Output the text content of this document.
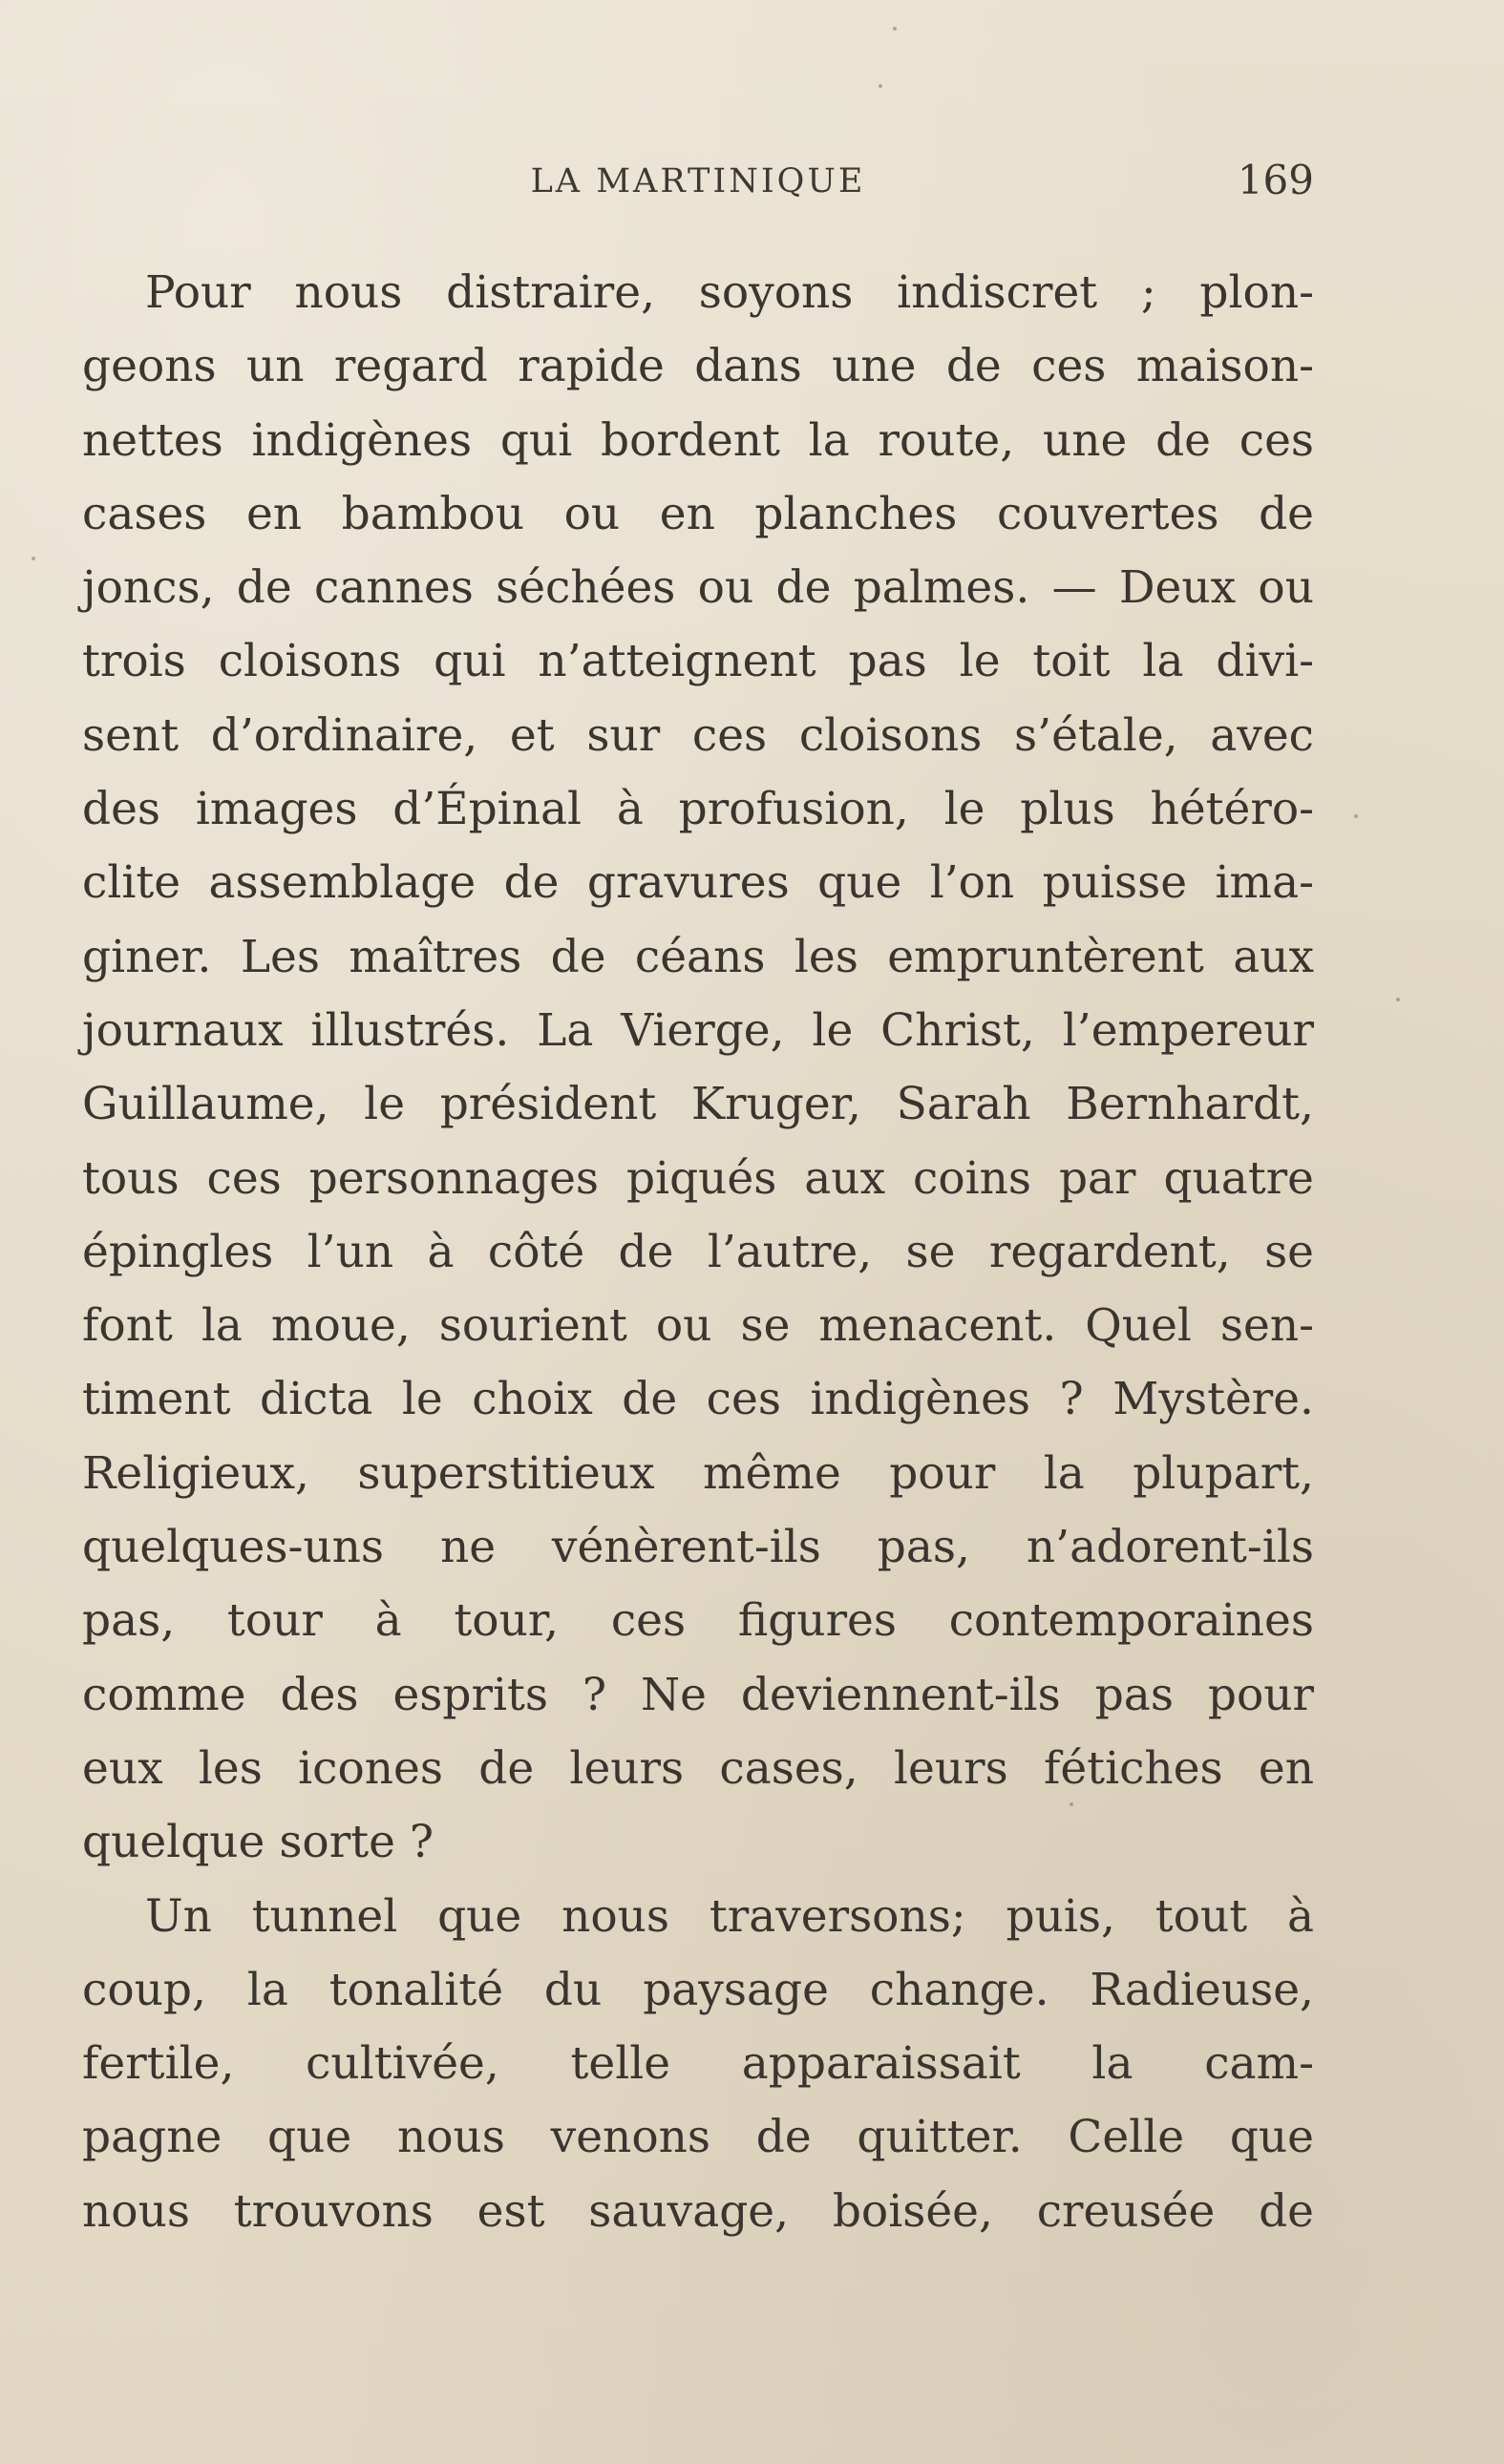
LA MARTINIQUE	169
Pour nous distraire, soyons indiscret ; plon-
geons un regard rapide dans une de ces maison-
nettes indigènes qui bordent la route, une de ces
cases en bambou ou en planches couvertes de
joncs, de cannes séchées ou de palmes. — Deux ou
trois cloisons qui n’atteignent pas le toit la divi-
sent d’ordinaire, et sur ces cloisons s’étale, avec
des images d’Épinal à profusion, le plus hétéro-
clite assemblage de gravures que l’on puisse ima-
giner. Les maîtres de céans les empruntèrent aux
journaux illustrés. La Vierge, le Christ, l’empereur
Guillaume, le président Kruger, Sarah Bernhardt,
tous ces personnages piqués aux coins par quatre
épingles l’un à côté de l’autre, se regardent, se
font la moue, sourient ou se menacent. Quel sen-
timent dicta le choix de ces indigènes ? Mystère.
Religieux, superstitieux même pour la plupart,
quelques-uns ne vénèrent-ils pas, n’adorent-ils
pas, tour à tour, ces figures contemporaines
comme des esprits ? Ne deviennent-ils pas pour
eux les icones de leurs cases, leurs fétiches en
quelque sorte ?
Un tunnel que nous traversons; puis, tout à
coup, la tonalité du paysage change. Radieuse,
fertile, cultivée, telle apparaissait la cam-
pagne que nous venons de quitter. Celle que
nous trouvons est sauvage, boisée, creusée de
